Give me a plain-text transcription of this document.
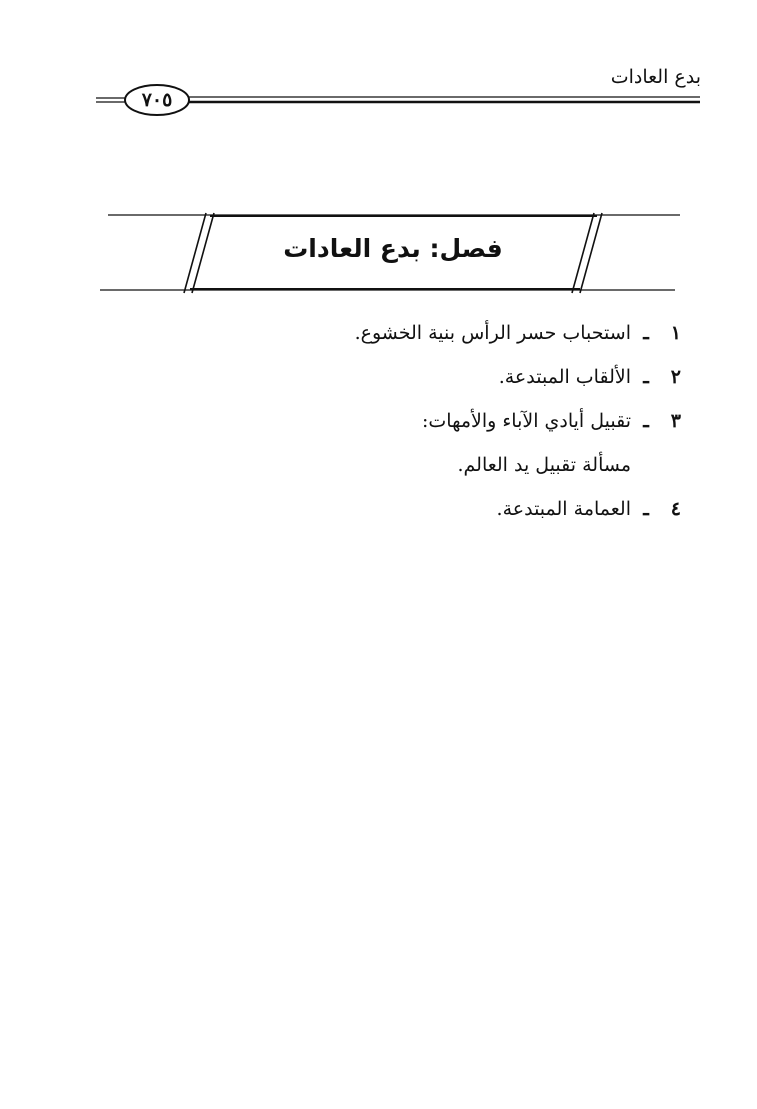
بدع العادات
٧٠٥
فصل: بدع العادات
١
ـ
استحباب حسر الرأس بنية الخشوع.
٢
ـ
الألقاب المبتدعة.
٣
ـ
تقبيل أيادي الآباء والأمهات:
مسألة تقبيل يد العالم.
٤
ـ
العمامة المبتدعة.
